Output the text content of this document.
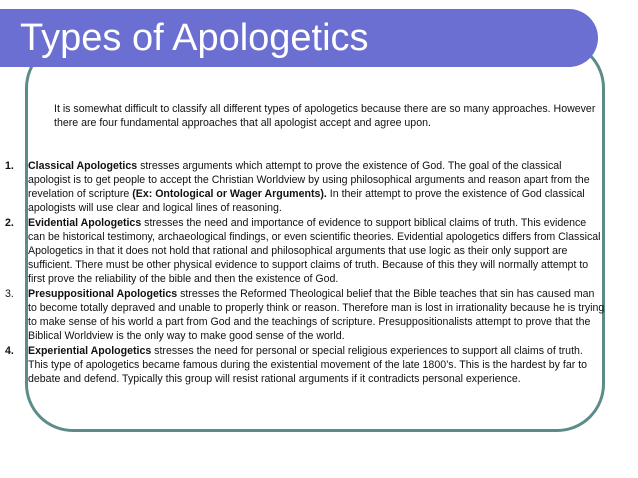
Types of Apologetics

It is somewhat difficult to classify all different types of apologetics because there are so many approaches. However there are four fundamental approaches that all apologist accept and agree upon.

1. Classical Apologetics stresses arguments which attempt to prove the existence of God. The goal of the classical apologist is to get people to accept the Christian Worldview by using philosophical arguments and reason apart from the revelation of scripture (Ex: Ontological or Wager Arguments). In their attempt to prove the existence of God classical apologists will use clear and logical lines of reasoning.
2. Evidential Apologetics stresses the need and importance of evidence to support biblical claims of truth. This evidence can be historical testimony, archaeological findings, or even scientific theories. Evidential apologetics differs from Classical Apologetics in that it does not hold that rational and philosophical arguments that use logic as their only support are sufficient. There must be other physical evidence to support claims of truth. Because of this they will normally attempt to first prove the reliability of the bible and then the existence of God.
3. Presuppositional Apologetics stresses the Reformed Theological belief that the Bible teaches that sin has caused man to become totally depraved and unable to properly think or reason. Therefore man is lost in irrationality because he is trying to make sense of his world a part from God and the teachings of scripture. Presuppositionalists attempt to prove that the Biblical Worldview is the only way to make good sense of the world.
4. Experiential Apologetics stresses the need for personal or special religious experiences to support all claims of truth. This type of apologetics became famous during the existential movement of the late 1800’s. This is the hardest by far to debate and defend. Typically this group will resist rational arguments if it contradicts personal experience.
